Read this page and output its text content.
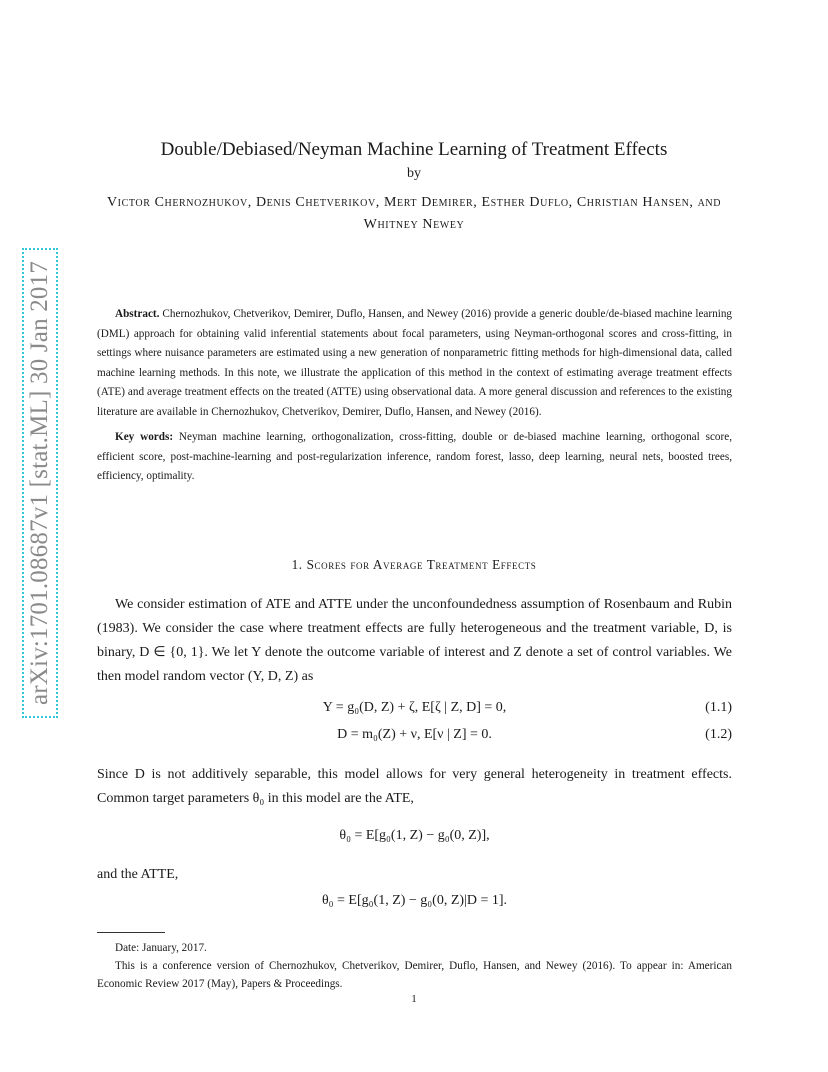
arXiv:1701.08687v1 [stat.ML] 30 Jan 2017
Double/Debiased/Neyman Machine Learning of Treatment Effects
by
Victor Chernozhukov, Denis Chetverikov, Mert Demirer, Esther Duflo, Christian Hansen, and Whitney Newey

Abstract. Chernozhukov, Chetverikov, Demirer, Duflo, Hansen, and Newey (2016) provide a generic double/de-biased machine learning (DML) approach for obtaining valid inferential statements about focal parameters, using Neyman-orthogonal scores and cross-fitting, in settings where nuisance parameters are estimated using a new generation of nonparametric fitting methods for high-dimensional data, called machine learning methods. In this note, we illustrate the application of this method in the context of estimating average treatment effects (ATE) and average treatment effects on the treated (ATTE) using observational data. A more general discussion and references to the existing literature are available in Chernozhukov, Chetverikov, Demirer, Duflo, Hansen, and Newey (2016).

Key words: Neyman machine learning, orthogonalization, cross-fitting, double or de-biased machine learning, orthogonal score, efficient score, post-machine-learning and post-regularization inference, random forest, lasso, deep learning, neural nets, boosted trees, efficiency, optimality.

1. Scores for Average Treatment Effects
We consider estimation of ATE and ATTE under the unconfoundedness assumption of Rosenbaum and Rubin (1983). We consider the case where treatment effects are fully heterogeneous and the treatment variable, D, is binary, D ∈ {0, 1}. We let Y denote the outcome variable of interest and Z denote a set of control variables. We then model random vector (Y, D, Z) as
Y = g₀(D, Z) + ζ, E[ζ | Z, D] = 0,	(1.1)
D = m₀(Z) + ν, E[ν | Z] = 0.	(1.2)
Since D is not additively separable, this model allows for very general heterogeneity in treatment effects. Common target parameters θ₀ in this model are the ATE,
θ₀ = E[g₀(1, Z) − g₀(0, Z)],
and the ATTE,
θ₀ = E[g₀(1, Z) − g₀(0, Z)|D = 1].
Date: January, 2017.
This is a conference version of Chernozhukov, Chetverikov, Demirer, Duflo, Hansen, and Newey (2016). To appear in: American Economic Review 2017 (May), Papers & Proceedings.
1
